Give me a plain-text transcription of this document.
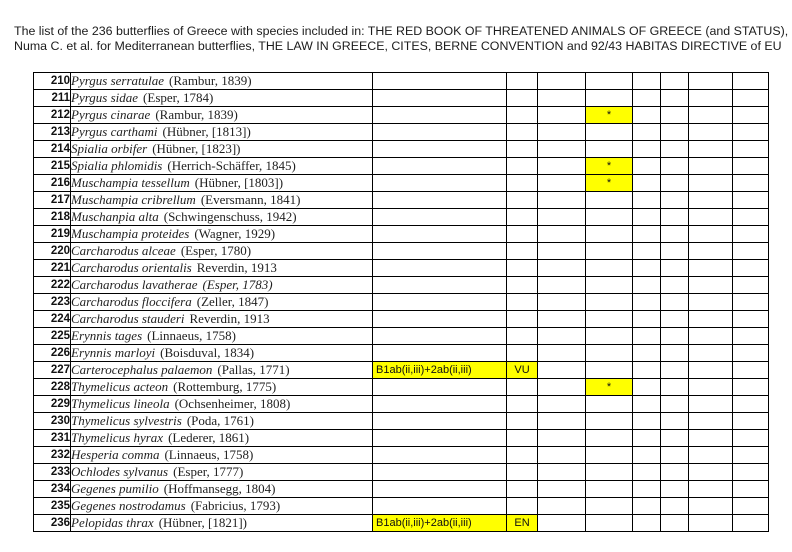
The list of the 236 butterflies of Greece with species included in: THE RED BOOK OF THREATENED ANIMALS OF GREECE (and STATUS),
Numa C. et al. for Mediterranean butterflies, THE LAW IN GREECE, CITES, BERNE CONVENTION and 92/43 HABITAS DIRECTIVE of EU
210	Pyrgus serratulae (Rambur, 1839)								
211	Pyrgus sidae (Esper, 1784)								
212	Pyrgus cinarae (Rambur, 1839)				*				
213	Pyrgus carthami (Hübner, [1813])								
214	Spialia orbifer (Hübner, [1823])								
215	Spialia phlomidis (Herrich-Schäffer, 1845)				*				
216	Muschampia tessellum (Hübner, [1803])				*				
217	Muschampia cribrellum (Eversmann, 1841)								
218	Muschanpia alta (Schwingenschuss, 1942)								
219	Muschampia proteides (Wagner, 1929)								
220	Carcharodus alceae (Esper, 1780)								
221	Carcharodus orientalis Reverdin, 1913								
222	Carcharodus lavatherae (Esper, 1783)								
223	Carcharodus floccifera (Zeller, 1847)								
224	Carcharodus stauderi Reverdin, 1913								
225	Erynnis tages (Linnaeus, 1758)								
226	Erynnis marloyi (Boisduval, 1834)								
227	Carterocephalus palaemon (Pallas, 1771)	B1ab(ii,iii)+2ab(ii,iii)	VU						
228	Thymelicus acteon (Rottemburg, 1775)				*				
229	Thymelicus lineola (Ochsenheimer, 1808)								
230	Thymelicus sylvestris (Poda, 1761)								
231	Thymelicus hyrax (Lederer, 1861)								
232	Hesperia comma (Linnaeus, 1758)								
233	Ochlodes sylvanus (Esper, 1777)								
234	Gegenes pumilio (Hoffmansegg, 1804)								
235	Gegenes nostrodamus (Fabricius, 1793)								
236	Pelopidas thrax (Hübner, [1821])	B1ab(ii,iii)+2ab(ii,iii)	EN						
